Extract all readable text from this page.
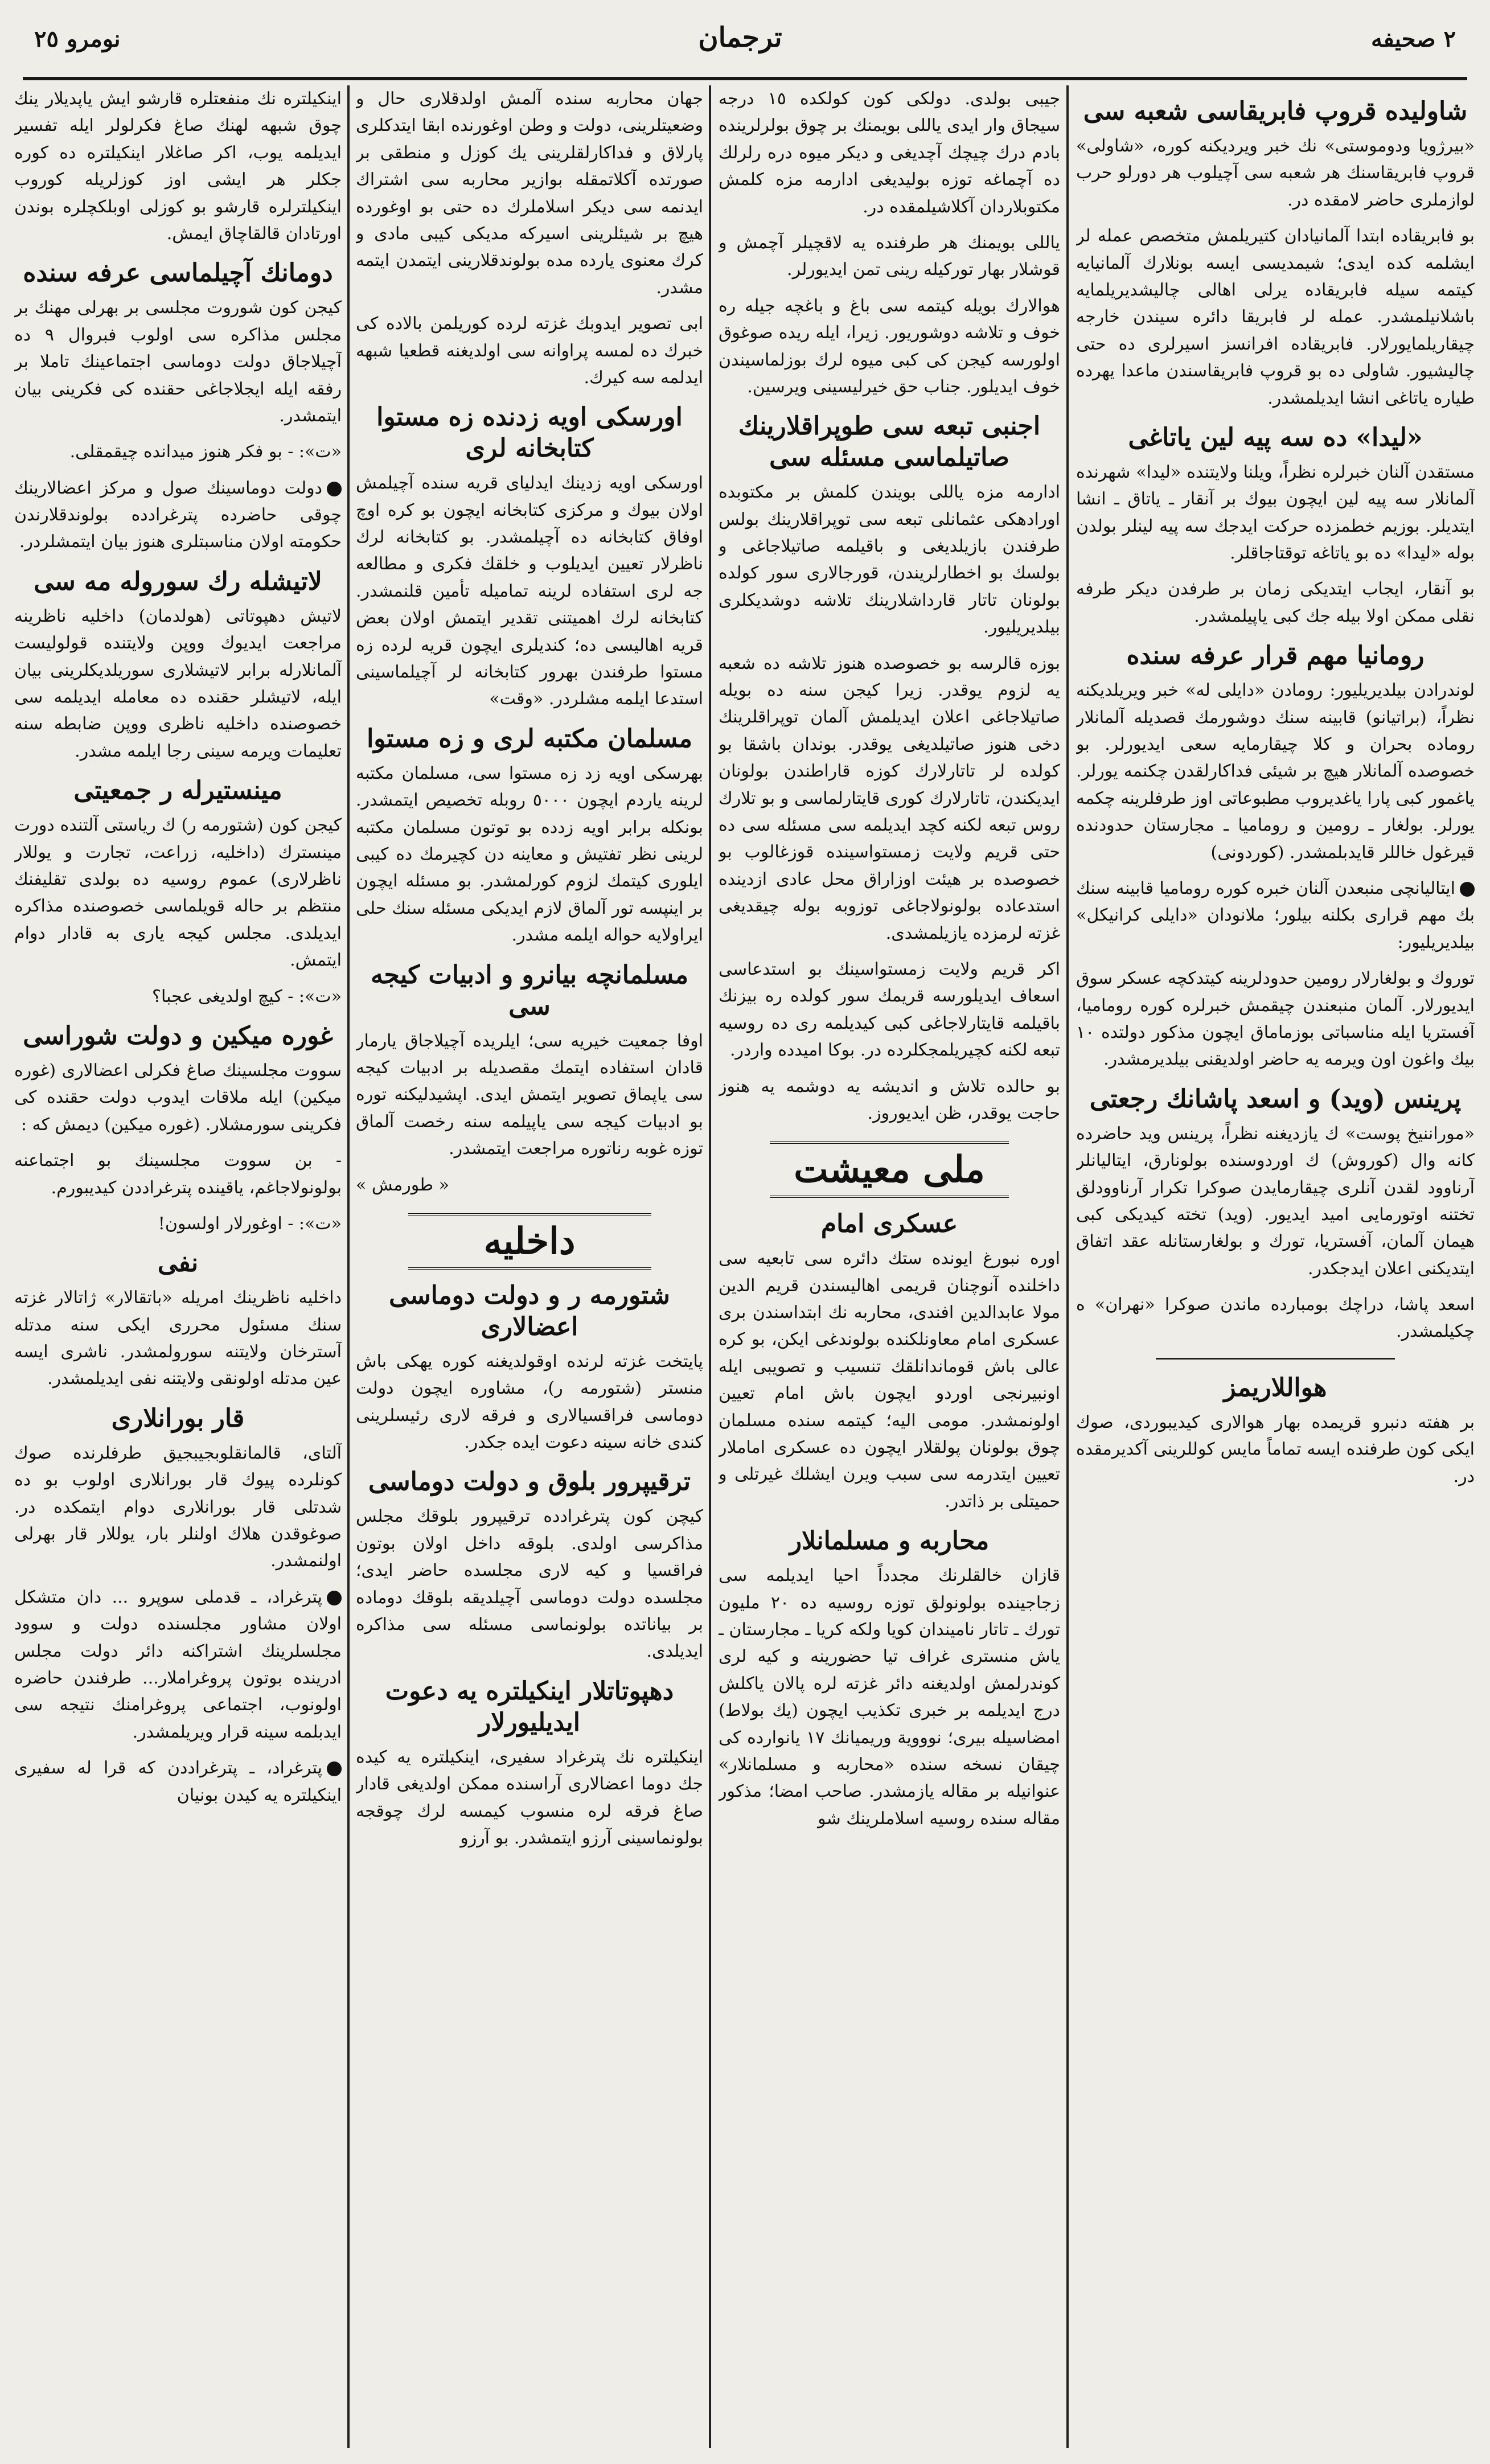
٢ صحيفه
ترجمان
نومرو ٢٥
شاوليده قروپ فابريقاسى شعبه سى

«بيرژويا ودوموستى» نك خبر ويرديكنه كوره، «شاولى» قروپ فابريقاسنك هر شعبه سى آچيلوب هر دورلو حرب لوازملرى حاضر لامقده در.

بو فابريقاده ابتدا آلمانيادان كتيريلمش متخصص عمله لر ايشلمه كده ايدى؛ شيمديسى ايسه بونلارك آلمانيايه كيتمه سيله فابريقاده يرلى اهالى چاليشديريلمايه باشلانيلمشدر. عمله لر فابريقا دائره سيندن خارجه چيقاريلمايورلار. فابريقاده افرانسز اسيرلرى ده حتى چاليشيور. شاولى ده بو قروپ فابريقاسندن ماعدا يهرده طياره ياتاغى انشا ايديلمشدر.

«ليدا» ده سه پيه لين ياتاغى

مستقدن آلنان خبرلره نظراً، ويلنا ولايتنده «ليدا» شهرنده آلمانلار سه پيه لين ايچون بيوك بر آنقار ـ ياتاق ـ انشا ايتديلر. بوزيم خطمزده حركت ايدجك سه پيه لينلر بولدن بوله «ليدا» ده بو ياتاغه توقتاجاقلر.

بو آنقار، ايجاب ايتديكى زمان بر طرفدن ديكر طرفه نقلى ممكن اولا بيله جك كبى ياپيلمشدر.

رومانيا مهم قرار عرفه سنده

لوندرادن بيلديريليور: رومادن «دايلى له» خبر ويريلديكنه نظراً، (براتيانو) قابينه سنك دوشورمك قصديله آلمانلار روماده بحران و كلا چيقارمايه سعى ايديورلر. بو خصوصده آلمانلار هيچ بر شيئى فداكارلقدن چكنمه يورلر. ياغمور كبى پارا ياغديروب مطبوعاتى اوز طرفلرينه چكمه يورلر. بولغار ـ رومين و روماميا ـ مجارستان حدودنده قيرغول خاللر قايدبلمشدر. (كوردونى)

ايتاليانچى منبعدن آلنان خبره كوره روماميا قابينه سنك بك مهم قرارى بكلنه بيلور؛ ملانودان «دايلى كرانيكل» بيلديريليور:

توروك و بولغارلار رومين حدودلرينه كيتدكچه عسكر سوق ايديورلار. آلمان منبعندن چيقمش خبرلره كوره روماميا، آفستريا ايله مناسباتى بوزماماق ايچون مذكور دولتده ١٠ بيك واغون اون ويرمه يه حاضر اولديقنى بيلديرمشدر.

پرينس (ويد) و اسعد پاشانك رجعتى

«موراننيخ پوست» ك يازديغنه نظراً، پرينس ويد حاضرده كانه وال (كوروش) ك اوردوسنده بولونارق، ايتاليانلر آرناوود لقدن آنلرى چيقارمايدن صوكرا تكرار آرناوودلق تختنه اوتورمايى اميد ايديور. (ويد) تخته كيديكى كبى هيمان آلمان، آفستريا، تورك و بولغارستانله عقد اتفاق ايتديكنى اعلان ايدجكدر.

اسعد پاشا، دراچك بومبارده ماندن صوكرا «نهران» ه چكيلمشدر.

هواللاريمز

بر هفته دنبرو قريمده بهار هوالارى كيديبوردى، صوك ايكى كون طرفنده ايسه تماماً مايس كوللرينى آكديرمقده در.

جيبى بولدى. دولكى كون كولكده ١٥ درجه سيجاق وار ايدى ياللى بويمنك بر چوق بولرلرينده بادم درك چيچك آچديغى و ديكر ميوه دره رلرلك ده آچماغه توزه بوليديغى ادارمه مزه كلمش مكتوبلاردان آكلاشيلمقده در.

ياللى بويمنك هر طرفنده يه لاقچيلر آچمش و قوشلار بهار توركيله رينى تمن ايديورلر.

هوالارك بويله كيتمه سى باغ و باغچه جيله ره خوف و تلاشه دوشوريور. زيرا، ايله ريده صوغوق اولورسه كيجن كى كبى ميوه لرك بوزلماسيندن خوف ايديلور. جناب حق خيرلیسينى ويرسين.

اجنبى تبعه سى طوپراقلارينك صاتيلماسى مسئله سى

ادارمه مزه ياللى بويندن كلمش بر مكتوبده اورادهكى عثمانلى تبعه سى توپراقلارينك بولس طرفندن بازيلديغى و باقيلمه صاتيلاجاغى و بولسك بو اخطارلريندن، قورجالارى سور كولده بولونان تاتار قارداشلارينك تلاشه دوشديكلرى بيلديريليور.

بوزه قالرسه بو خصوصده هنوز تلاشه ده شعبه يه لزوم يوقدر. زيرا كيجن سنه ده بويله صاتيلاجاغى اعلان ايديلمش آلمان توپراقلرينك دخى هنوز صاتيلديغى يوقدر. بوندان باشقا بو كولده لر تاتارلارك كوزه قاراطندن بولونان ايديكندن، تاتارلارك كورى قايتارلماسى و بو تلارك روس تبعه لكنه كچد ايديلمه سى مسئله سى ده حتى قريم ولايت زمستواسينده قوزغالوب بو خصوصده بر هيئت اوزاراق محل عادى ازدينده استدعاده بولونولاجاغى توزوبه بوله چيقديغى غزته لرمزده يازيلمشدى.

اكر قريم ولايت زمستواسينك بو استدعاسى اسعاف ايديلورسه قريمك سور كولده ره بيزنك باقيلمه قايتارلاجاغى كبى كيديلمه رى ده روسيه تبعه لكنه كچيريلمجكلرده در. بوكا اميدده واردر.

بو حالده تلاش و انديشه يه دوشمه يه هنوز حاجت يوقدر، ظن ايديوروز.

ملى معيشت
عسكرى امام

اوره نبورغ ايونده ستك دائره سى تابعيه سى داخلنده آنوچنان قريمى اهاليسندن قريم الدين مولا عابدالدين افندى، محاربه نك ابتداسندن برى عسكرى امام معاونلكنده بولوندغى ايكن، بو كره عالى باش قوماندانلقك تنسيب و تصويبى ايله اونبيرنجى اوردو ايچون باش امام تعيين اولونمشدر. مومى اليه؛ كيتمه سنده مسلمان چوق بولونان پولقلار ايچون ده عسكرى اماملار تعيين ايتدرمه سى سبب ويرن ايشلك غيرتلى و حميتلى بر ذاتدر.

محاربه و مسلمانلار

قازان خالقلرنك مجدداً احيا ايديلمه سى زجاجينده بولونولق توزه روسيه ده ٢٠ مليون تورك ـ تاتار ناميندان كويا ولكه كريا ـ مجارستان ـ ياش منسترى غراف تيا حضورينه و كيه لرى كوندرلمش اولديغنه دائر غزته لره پالان ياكلش درج ايديلمه بر خبرى تكذيب ايچون (يك بولاط) امضاسيله بيرى؛ نوووية وريميانك ١٧ يانوارده كى چيقان نسخه سنده «محاربه و مسلمانلار» عنوانيله بر مقاله يازمشدر. صاحب امضا؛ مذكور مقاله سنده روسيه اسلاملرينك شو

جهان محاربه سنده آلمش اولدقلارى حال و وضعيتلرينى، دولت و وطن اوغورنده ابقا ايتدكلرى پارلاق و فداكارلقلرينى يك كوزل و منطقى بر صورتده آكلاتمقله بوازير محاربه سى اشتراك ايدنمه سى ديكر اسلاملرك ده حتى بو اوغورده هيچ بر شيئلرينى اسيركه مديكى كيبى مادى و كرك معنوى يارده مده بولوندقلارينى ايتمدن ايتمه مشدر.

ابى تصوير ايدوبك غزته لرده كوريلمن بالاده كى خبرك ده لمسه پراوانه سى اولديغنه قطعيا شبهه ايدلمه سه كيرك.

اورسكى اويه زدنده زه مستوا كتابخانه لرى

اورسكى اويه زدينك ايدلياى قريه سنده آچيلمش اولان بيوك و مركزى كتابخانه ايچون بو كره اوچ اوفاق كتابخانه ده آچيلمشدر. بو كتابخانه لرك ناظرلار تعيين ايديلوب و خلقك فكرى و مطالعه جه لرى استفاده لرينه تماميله تأمين قلنمشدر. كتابخانه لرك اهميتنى تقدير ايتمش اولان بعض قريه اهاليسى ده؛ كنديلرى ايچون قريه لرده زه مستوا طرفندن بهرور كتابخانه لر آچيلماسينى استدعا ايلمه مشلردر. «وقت»

مسلمان مكتبه لرى و زه مستوا

بهرسكى اويه زد زه مستوا سى، مسلمان مكتبه لرينه ياردم ايچون ٥٠٠٠ روبله تخصيص ايتمشدر. بونكله برابر اويه زدده بو توتون مسلمان مكتبه لرينى نظر تفتيش و معاينه دن كچيرمك ده كيبى ايلورى كيتمك لزوم كورلمشدر. بو مسئله ايچون بر اينپسه تور آلماق لازم ايديكى مسئله سنك حلى ايراولايه حواله ايلمه مشدر.

مسلمانچه بيانرو و ادبيات كيجه سى

اوفا جمعيت خيريه سى؛ ايلريده آچيلاجاق يارمار قادان استفاده ايتمك مقصديله بر ادبيات كيجه سى ياپماق تصوير ايتمش ايدى. اپشيدليكنه توره بو ادبيات كيجه سى ياپيلمه سنه رخصت آلماق توزه غوبه رناتوره مراجعت ايتمشدر.

« طورمش »

داخليه
شتورمه ر و دولت دوماسى اعضالارى

پايتخت غزته لرنده اوقولديغنه كوره يهكى باش منستر (شتورمه ر)، مشاوره ايچون دولت دوماسى فراقسيالارى و فرقه لارى رئيسلرينى كندى خانه سينه دعوت ايده جكدر.

ترقيپرور بلوق و دولت دوماسى

كيچن كون پترغرادده ترقيپرور بلوقك مجلس مذاكرسى اولدى. بلوقه داخل اولان بوتون فراقسيا و كيه لارى مجلسده حاضر ايدى؛ مجلسده دولت دوماسى آچيلديقه بلوقك دوماده بر بياناتده بولونماسى مسئله سى مذاكره ايديلدى.

دهپوتاتلار اينكيلتره يه دعوت ايديليورلار

اينكيلتره نك پترغراد سفيرى، اينكيلتره يه كيده جك دوما اعضالارى آراسنده ممكن اولديغى قادار صاغ فرقه لره منسوب كيمسه لرك چوقجه بولونماسينى آرزو ايتمشدر. بو آرزو

اينكيلتره نك منفعتلره قارشو ايش ياپديلار ينك چوق شبهه لهنك صاغ فكرلولر ايله تفسير ايديلمه يوب، اكر صاغلار اينكيلتره ده كوره جكلر هر ايشى اوز كوزلريله كوروب اينكيلترلره قارشو بو كوزلى اوبلكچلره بوندن اورتادان قالقاچاق ايمش.

دومانك آچيلماسى عرفه سنده

كيجن كون شوروت مجلسى بر بهرلى مهنك بر مجلس مذاكره سى اولوب فبروال ٩ ده آچيلاجاق دولت دوماسى اجتماعينك تاملا بر رفقه ايله ايجلاجاغى حقنده كى فكرينى بيان ايتمشدر.

«ت»: - بو فكر هنوز ميدانده چيقمقلى.

دولت دوماسينك صول و مركز اعضالارينك چوقى حاضرده پترغرادده بولوندقلارندن حكومته اولان مناسبتلرى هنوز بيان ايتمشلردر.

لاتيشله رك سوروله مه سى

لاتيش دهپوتاتى (هولدمان) داخليه ناظرينه مراجعت ايديوك ووپن ولايتنده قولوليست آلمانلارله برابر لاتيشلارى سوريلديكلرينى بيان ايله، لاتيشلر حقنده ده معامله ايديلمه سى خصوصنده داخليه ناظرى ووپن ضابطه سنه تعليمات ويرمه سينى رجا ايلمه مشدر.

مينستيرله ر جمعيتى

كيجن كون (شتورمه ر) ك رياستى آلتنده دورت مينسترك (داخليه، زراعت، تجارت و يوللار ناظرلارى) عموم روسيه ده بولدى تقليفنك منتظم بر حاله قويلماسى خصوصنده مذاكره ايديلدى. مجلس كيجه يارى به قادار دوام ايتمش.

«ت»: - كيچ اولديغى عجبا؟

غوره ميكين و دولت شوراسى

سووت مجلسينك صاغ فكرلى اعضالارى (غوره ميكين) ايله ملاقات ايدوب دولت حقنده كى فكرينى سورمشلار. (غوره ميكين) ديمش كه :

- بن سووت مجلسينك بو اجتماعنه بولونولاجاغم، ياقينده پترغراددن كيديبورم.

«ت»: - اوغورلار اولسون!

نفى

داخليه ناظرينك امريله «باتقالار» ژاتالار غزته سنك مسئول محررى ايكى سنه مدتله آسترخان ولايتنه سورولمشدر. ناشرى ايسه عين مدتله اولونقى ولايتنه نفى ايديلمشدر.

قار بورانلارى

آلتاى، قالمانقلوبجيبجيق طرفلرنده صوك كونلرده پيوك قار بورانلارى اولوب بو ده شدتلى قار بورانلارى دوام ايتمكده در. صوغوقدن هلاك اولنلر بار، يوللار قار بهرلى اولنمشدر.

پترغراد، ـ قدملى سوپرو ... دان متشكل اولان مشاور مجلسنده دولت و سوود مجلسلرينك اشتراكنه دائر دولت مجلس ادرينده بوتون پروغراملار... طرفندن حاضره اولونوب، اجتماعى پروغرامنك نتيجه سى ايدبلمه سينه قرار ويريلمشدر.

پترغراد، ـ پترغراددن كه قرا له سفيرى اينكيلتره يه كيدن بونيان
